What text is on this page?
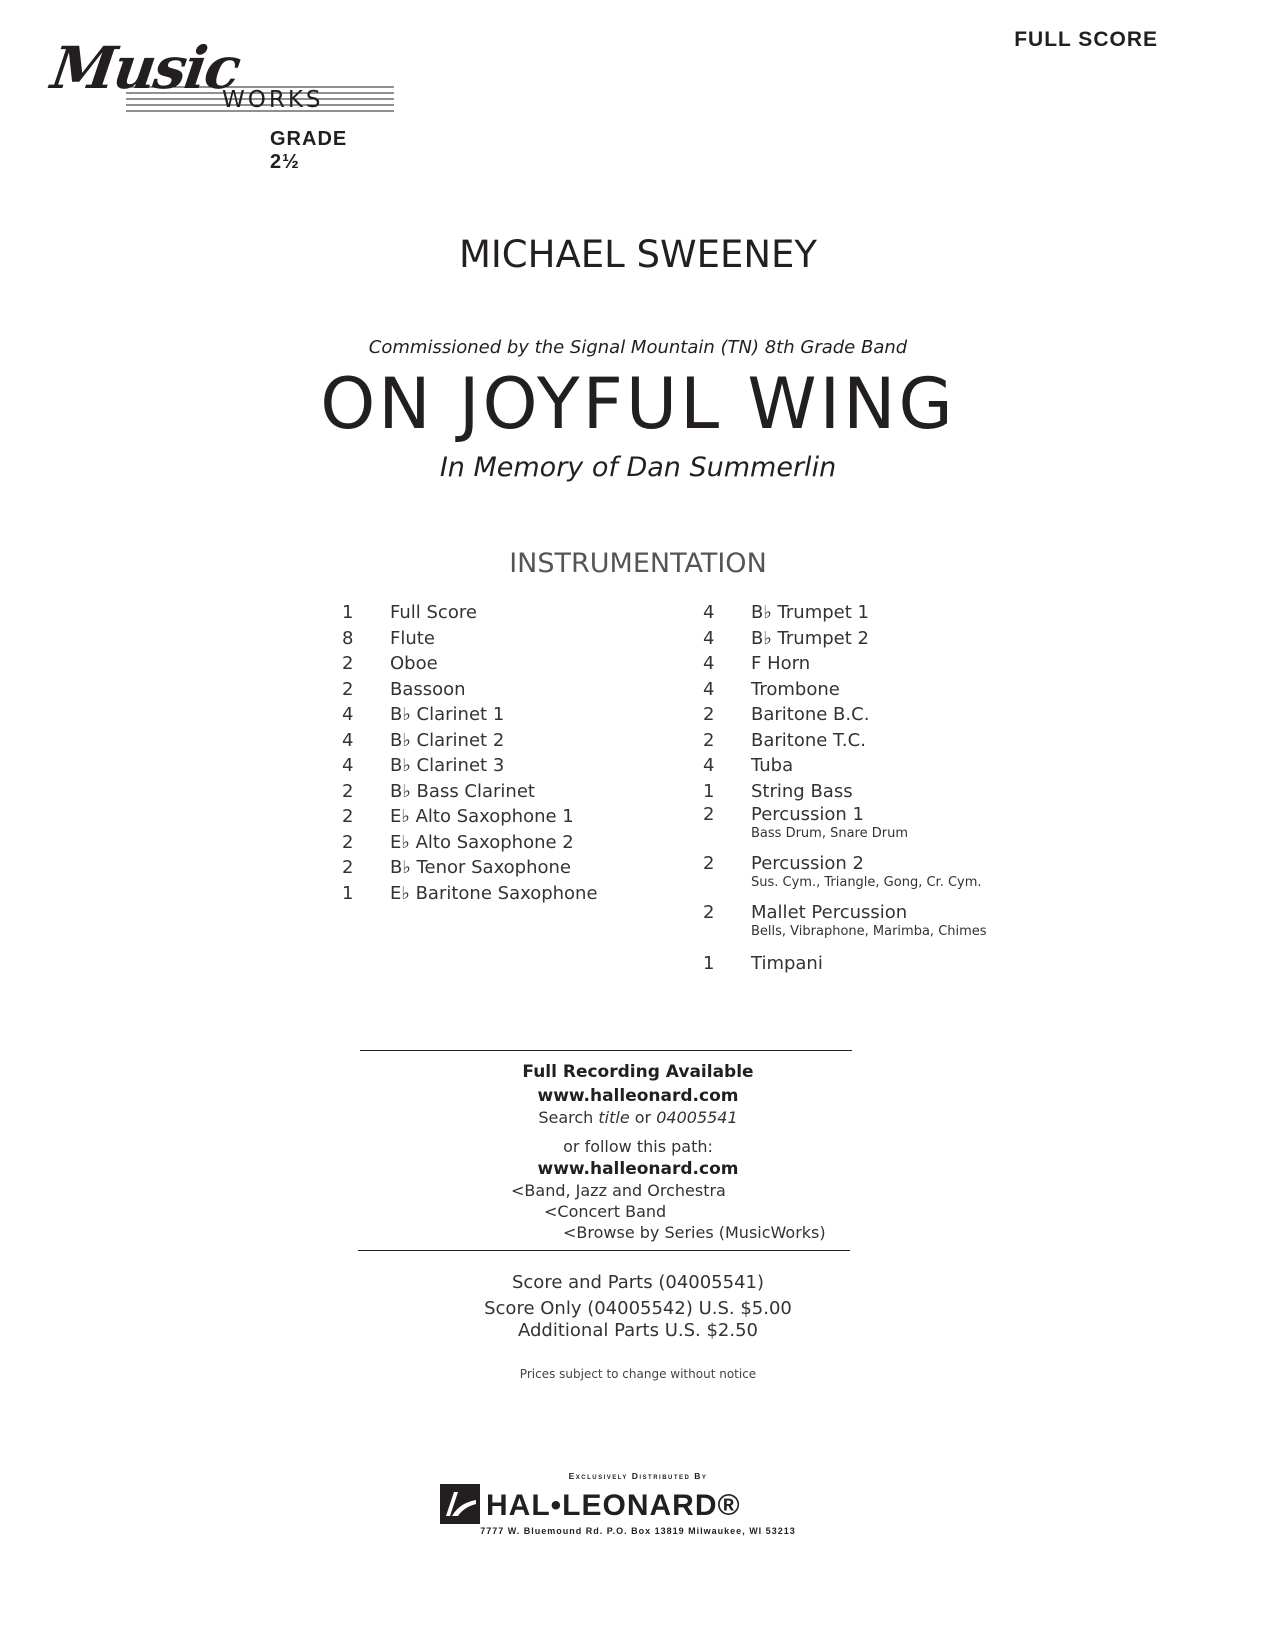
Music
WORKS
GRADE 2½
FULL SCORE
MICHAEL SWEENEY
Commissioned by the Signal Mountain (TN) 8th Grade Band
ON JOYFUL WING
In Memory of Dan Summerlin
INSTRUMENTATION
1	Full Score
8	Flute
2	Oboe
2	Bassoon
4	B♭ Clarinet 1
4	B♭ Clarinet 2
4	B♭ Clarinet 3
2	B♭ Bass Clarinet
2	E♭ Alto Saxophone 1
2	E♭ Alto Saxophone 2
2	B♭ Tenor Saxophone
1	E♭ Baritone Saxophone
4	B♭ Trumpet 1
4	B♭ Trumpet 2
4	F Horn
4	Trombone
2	Baritone B.C.
2	Baritone T.C.
4	Tuba
1	String Bass
2	Percussion 1
Bass Drum, Snare Drum
2	Percussion 2
Sus. Cym., Triangle, Gong, Cr. Cym.
2	Mallet Percussion
Bells, Vibraphone, Marimba, Chimes
1	Timpani
Full Recording Available
www.halleonard.com
Search title or 04005541
or follow this path:
www.halleonard.com
<Band, Jazz and Orchestra
<Concert Band
<Browse by Series (MusicWorks)
Score and Parts (04005541)
Score Only (04005542) U.S. $5.00
Additional Parts U.S. $2.50
Prices subject to change without notice
Exclusively Distributed By
HAL•LEONARD®
7777 W. Bluemound Rd. P.O. Box 13819 Milwaukee, WI 53213
